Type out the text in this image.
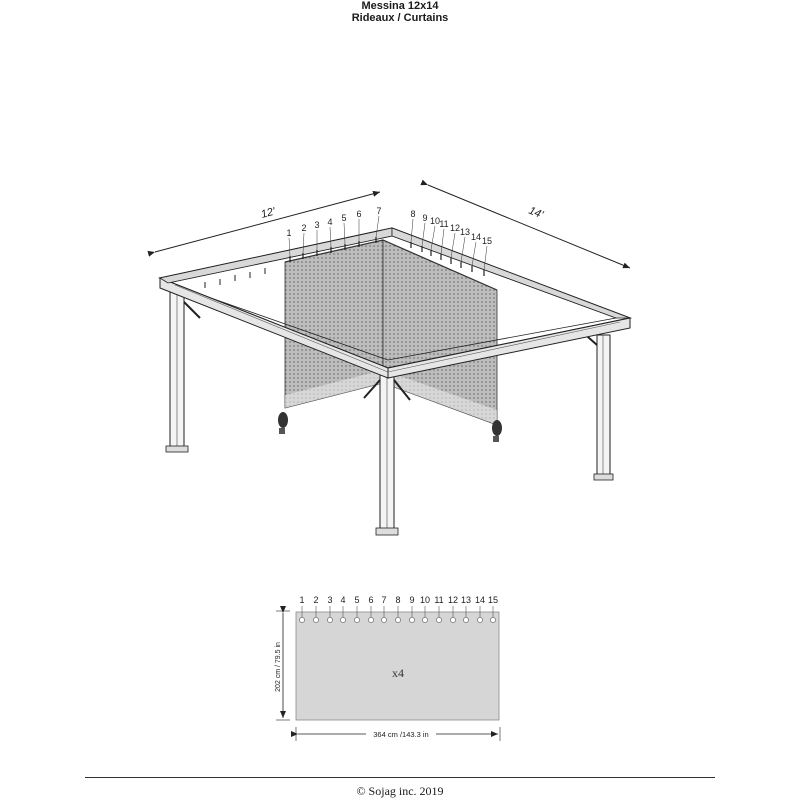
Messina 12x14
Rideaux / Curtains
12'	14'
1 2 3 4 5 6 7	8 9 10 11 12 13 14 15
1 2 3 4 5 6 7 8 9 10 11 12 13 14 15
x4
202 cm / 79.5 in
364 cm /143.3 in
© Sojag inc. 2019
